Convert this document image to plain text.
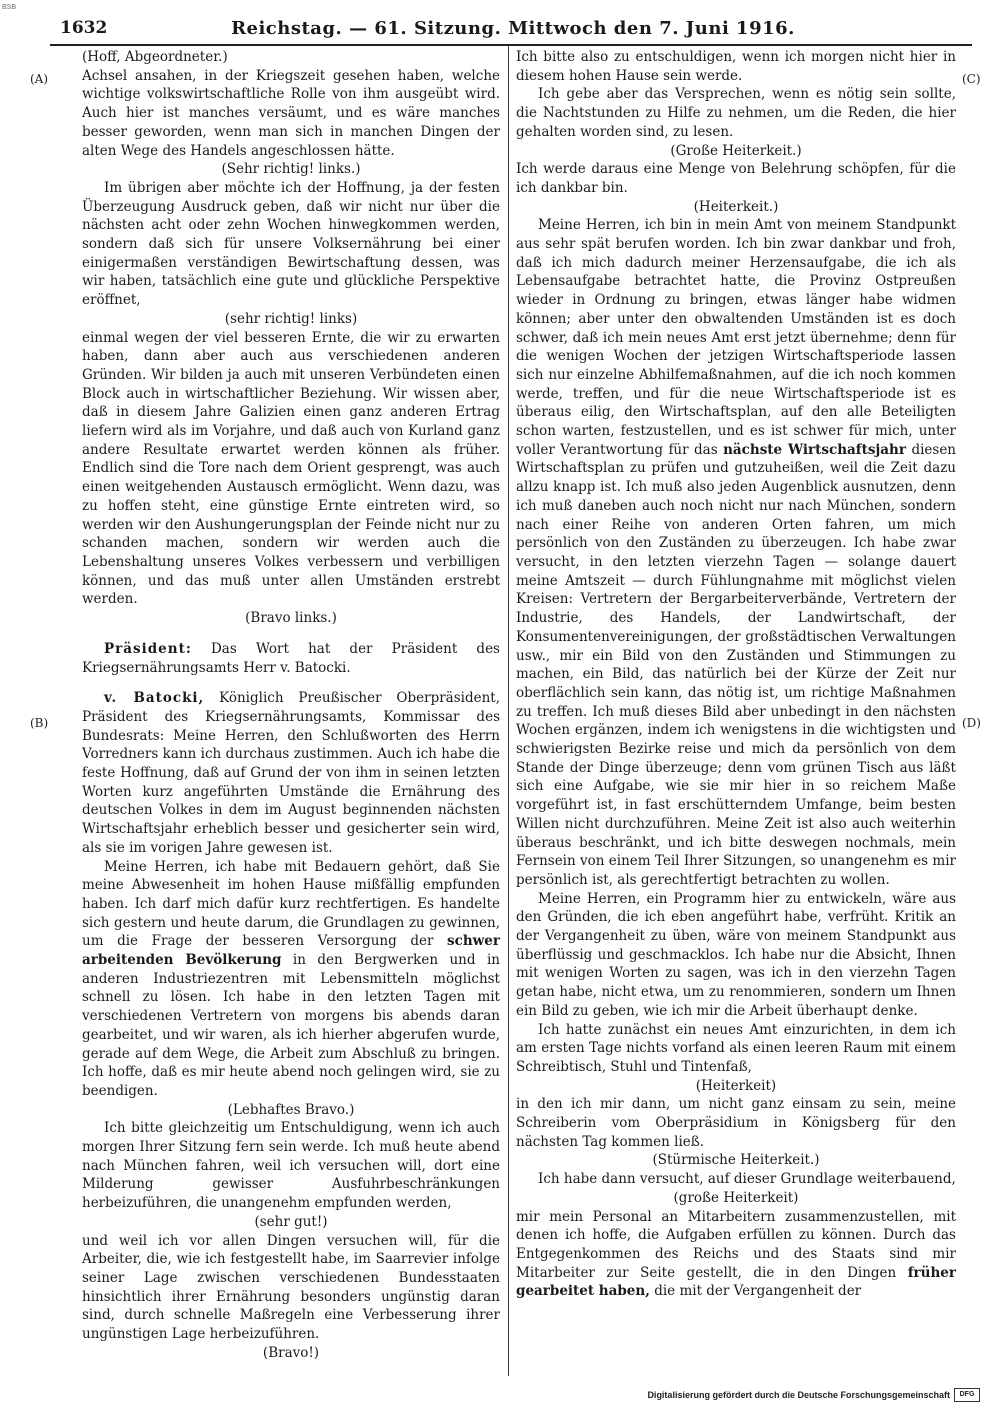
BSB
1632	Reichstag. — 61. Sitzung. Mittwoch den 7. Juni 1916.
(A)
(B)
(C)
(D)

(Hoff, Abgeordneter.)

Achsel ansahen, in der Kriegszeit gesehen haben, welche wichtige volkswirtschaftliche Rolle von ihm ausgeübt wird. Auch hier ist manches versäumt, und es wäre manches besser geworden, wenn man sich in manchen Dingen der alten Wege des Handels angeschlossen hätte.

(Sehr richtig! links.)

Im übrigen aber möchte ich der Hoffnung, ja der festen Überzeugung Ausdruck geben, daß wir nicht nur über die nächsten acht oder zehn Wochen hinwegkommen werden, sondern daß sich für unsere Volksernährung bei einer einigermaßen verständigen Bewirtschaftung dessen, was wir haben, tatsächlich eine gute und glückliche Perspektive eröffnet,

(sehr richtig! links)

einmal wegen der viel besseren Ernte, die wir zu erwarten haben, dann aber auch aus verschiedenen anderen Gründen. Wir bilden ja auch mit unseren Verbündeten einen Block auch in wirtschaftlicher Beziehung. Wir wissen aber, daß in diesem Jahre Galizien einen ganz anderen Ertrag liefern wird als im Vorjahre, und daß auch von Kurland ganz andere Resultate erwartet werden können als früher. Endlich sind die Tore nach dem Orient gesprengt, was auch einen weitgehenden Austausch ermöglicht. Wenn dazu, was zu hoffen steht, eine günstige Ernte eintreten wird, so werden wir den Aushungerungsplan der Feinde nicht nur zu schanden machen, sondern wir werden auch die Lebenshaltung unseres Volkes verbessern und verbilligen können, und das muß unter allen Umständen erstrebt werden.

(Bravo links.)

Präsident: Das Wort hat der Präsident des Kriegsernährungsamts Herr v. Batocki.

v. Batocki, Königlich Preußischer Oberpräsident, Präsident des Kriegsernährungsamts, Kommissar des Bundesrats: Meine Herren, den Schlußworten des Herrn Vorredners kann ich durchaus zustimmen. Auch ich habe die feste Hoffnung, daß auf Grund der von ihm in seinen letzten Worten kurz angeführten Umstände die Ernährung des deutschen Volkes in dem im August beginnenden nächsten Wirtschaftsjahr erheblich besser und gesicherter sein wird, als sie im vorigen Jahre gewesen ist.

Meine Herren, ich habe mit Bedauern gehört, daß Sie meine Abwesenheit im hohen Hause mißfällig empfunden haben. Ich darf mich dafür kurz rechtfertigen. Es handelte sich gestern und heute darum, die Grundlagen zu gewinnen, um die Frage der besseren Versorgung der schwer arbeitenden Bevölkerung in den Bergwerken und in anderen Industriezentren mit Lebensmitteln möglichst schnell zu lösen. Ich habe in den letzten Tagen mit verschiedenen Vertretern von morgens bis abends daran gearbeitet, und wir waren, als ich hierher abgerufen wurde, gerade auf dem Wege, die Arbeit zum Abschluß zu bringen. Ich hoffe, daß es mir heute abend noch gelingen wird, sie zu beendigen.

(Lebhaftes Bravo.)

Ich bitte gleichzeitig um Entschuldigung, wenn ich auch morgen Ihrer Sitzung fern sein werde. Ich muß heute abend nach München fahren, weil ich versuchen will, dort eine Milderung gewisser Ausfuhrbeschränkungen herbeizuführen, die unangenehm empfunden werden,

(sehr gut!)

und weil ich vor allen Dingen versuchen will, für die Arbeiter, die, wie ich festgestellt habe, im Saarrevier infolge seiner Lage zwischen verschiedenen Bundesstaaten hinsichtlich ihrer Ernährung besonders ungünstig daran sind, durch schnelle Maßregeln eine Verbesserung ihrer ungünstigen Lage herbeizuführen.

(Bravo!)

Ich bitte also zu entschuldigen, wenn ich morgen nicht hier in diesem hohen Hause sein werde.

Ich gebe aber das Versprechen, wenn es nötig sein sollte, die Nachtstunden zu Hilfe zu nehmen, um die Reden, die hier gehalten worden sind, zu lesen.

(Große Heiterkeit.)

Ich werde daraus eine Menge von Belehrung schöpfen, für die ich dankbar bin.

(Heiterkeit.)

Meine Herren, ich bin in mein Amt von meinem Standpunkt aus sehr spät berufen worden. Ich bin zwar dankbar und froh, daß ich mich dadurch meiner Herzensaufgabe, die ich als Lebensaufgabe betrachtet hatte, die Provinz Ostpreußen wieder in Ordnung zu bringen, etwas länger habe widmen können; aber unter den obwaltenden Umständen ist es doch schwer, daß ich mein neues Amt erst jetzt übernehme; denn für die wenigen Wochen der jetzigen Wirtschaftsperiode lassen sich nur einzelne Abhilfemaßnahmen, auf die ich noch kommen werde, treffen, und für die neue Wirtschaftsperiode ist es überaus eilig, den Wirtschaftsplan, auf den alle Beteiligten schon warten, festzustellen, und es ist schwer für mich, unter voller Verantwortung für das nächste Wirtschaftsjahr diesen Wirtschaftsplan zu prüfen und gutzuheißen, weil die Zeit dazu allzu knapp ist. Ich muß also jeden Augenblick ausnutzen, denn ich muß daneben auch noch nicht nur nach München, sondern nach einer Reihe von anderen Orten fahren, um mich persönlich von den Zuständen zu überzeugen. Ich habe zwar versucht, in den letzten vierzehn Tagen — solange dauert meine Amtszeit — durch Fühlungnahme mit möglichst vielen Kreisen: Vertretern der Bergarbeiterverbände, Vertretern der Industrie, des Handels, der Landwirtschaft, der Konsumentenvereinigungen, der großstädtischen Verwaltungen usw., mir ein Bild von den Zuständen und Stimmungen zu machen, ein Bild, das natürlich bei der Kürze der Zeit nur oberflächlich sein kann, das nötig ist, um richtige Maßnahmen zu treffen. Ich muß dieses Bild aber unbedingt in den nächsten Wochen ergänzen, indem ich wenigstens in die wichtigsten und schwierigsten Bezirke reise und mich da persönlich von dem Stande der Dinge überzeuge; denn vom grünen Tisch aus läßt sich eine Aufgabe, wie sie mir hier in so reichem Maße vorgeführt ist, in fast erschütterndem Umfange, beim besten Willen nicht durchzuführen. Meine Zeit ist also auch weiterhin überaus beschränkt, und ich bitte deswegen nochmals, mein Fernsein von einem Teil Ihrer Sitzungen, so unangenehm es mir persönlich ist, als gerechtfertigt betrachten zu wollen.

Meine Herren, ein Programm hier zu entwickeln, wäre aus den Gründen, die ich eben angeführt habe, verfrüht. Kritik an der Vergangenheit zu üben, wäre von meinem Standpunkt aus überflüssig und geschmacklos. Ich habe nur die Absicht, Ihnen mit wenigen Worten zu sagen, was ich in den vierzehn Tagen getan habe, nicht etwa, um zu renommieren, sondern um Ihnen ein Bild zu geben, wie ich mir die Arbeit überhaupt denke.

Ich hatte zunächst ein neues Amt einzurichten, in dem ich am ersten Tage nichts vorfand als einen leeren Raum mit einem Schreibtisch, Stuhl und Tintenfaß,

(Heiterkeit)

in den ich mir dann, um nicht ganz einsam zu sein, meine Schreiberin vom Oberpräsidium in Königsberg für den nächsten Tag kommen ließ.

(Stürmische Heiterkeit.)

Ich habe dann versucht, auf dieser Grundlage weiterbauend,

(große Heiterkeit)

mir mein Personal an Mitarbeitern zusammenzustellen, mit denen ich hoffe, die Aufgaben erfüllen zu können. Durch das Entgegenkommen des Reichs und des Staats sind mir Mitarbeiter zur Seite gestellt, die in den Dingen früher gearbeitet haben, die mit der Vergangenheit der

Digitalisierung gefördert durch die Deutsche Forschungsgemeinschaft	DFG
